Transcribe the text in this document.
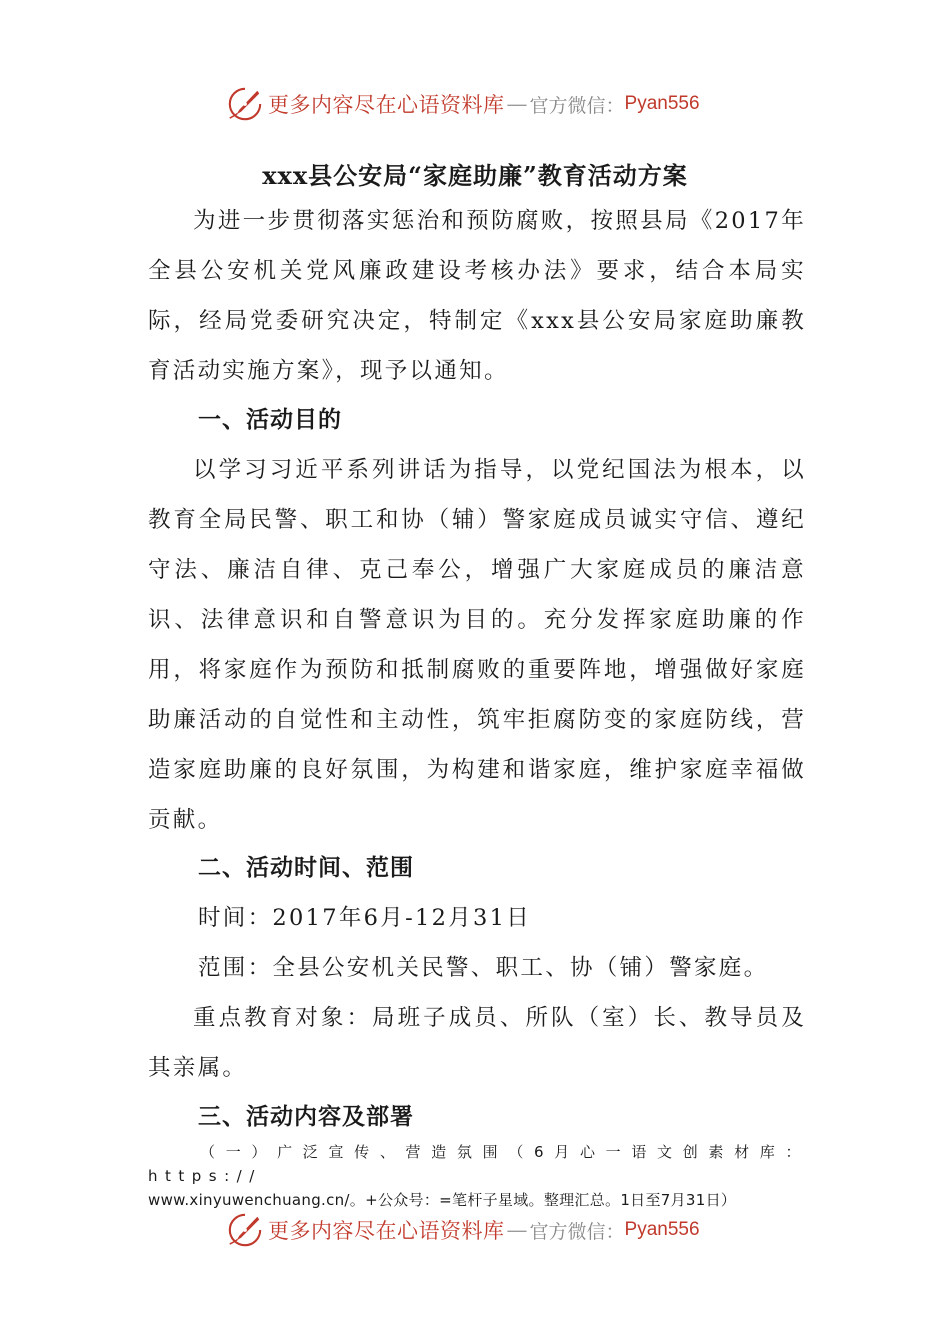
更多内容尽在心语资料库 — 官方微信： Pyan556
xxx县公安局“家庭助廉”教育活动方案
为进一步贯彻落实惩治和预防腐败，按照县局《2017年全县公安机关党风廉政建设考核办法》要求，结合本局实际，经局党委研究决定，特制定《xxx县公安局家庭助廉教育活动实施方案》，现予以通知。
一、活动目的
以学习习近平系列讲话为指导，以党纪国法为根本，以教育全局民警、职工和协（辅）警家庭成员诚实守信、遵纪守法、廉洁自律、克己奉公，增强广大家庭成员的廉洁意识、法律意识和自警意识为目的。充分发挥家庭助廉的作用，将家庭作为预防和抵制腐败的重要阵地，增强做好家庭助廉活动的自觉性和主动性，筑牢拒腐防变的家庭防线，营造家庭助廉的良好氛围，为构建和谐家庭，维护家庭幸福做贡献。
二、活动时间、范围
时间：2017年6月-12月31日
范围：全县公安机关民警、职工、协（铺）警家庭。
重点教育对象：局班子成员、所队（室）长、教导员及其亲属。
三、活动内容及部署
（一）广泛宣传、营造氛围（6月心一语文创素材库：https://
www.xinyuwenchuang.cn/。+公众号：=笔杆子星域。整理汇总。1日至7月31日）
更多内容尽在心语资料库 — 官方微信： Pyan556
